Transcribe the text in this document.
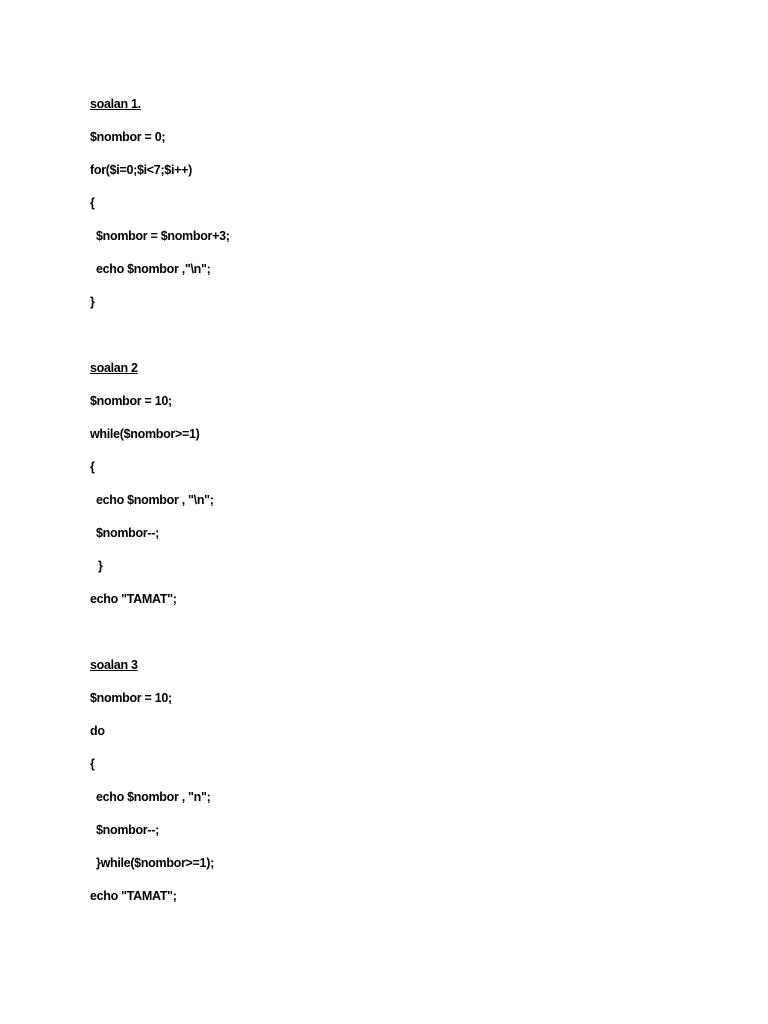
soalan 1.
$nombor = 0;
for($i=0;$i<7;$i++)
{
$nombor = $nombor+3;
echo $nombor ,"\n";
}
soalan 2
$nombor = 10;
while($nombor>=1)
{
echo $nombor , "\n";
$nombor--;
}
echo "TAMAT";
soalan 3
$nombor = 10;
do
{
echo $nombor , "n";
$nombor--;
}while($nombor>=1);
echo "TAMAT";
